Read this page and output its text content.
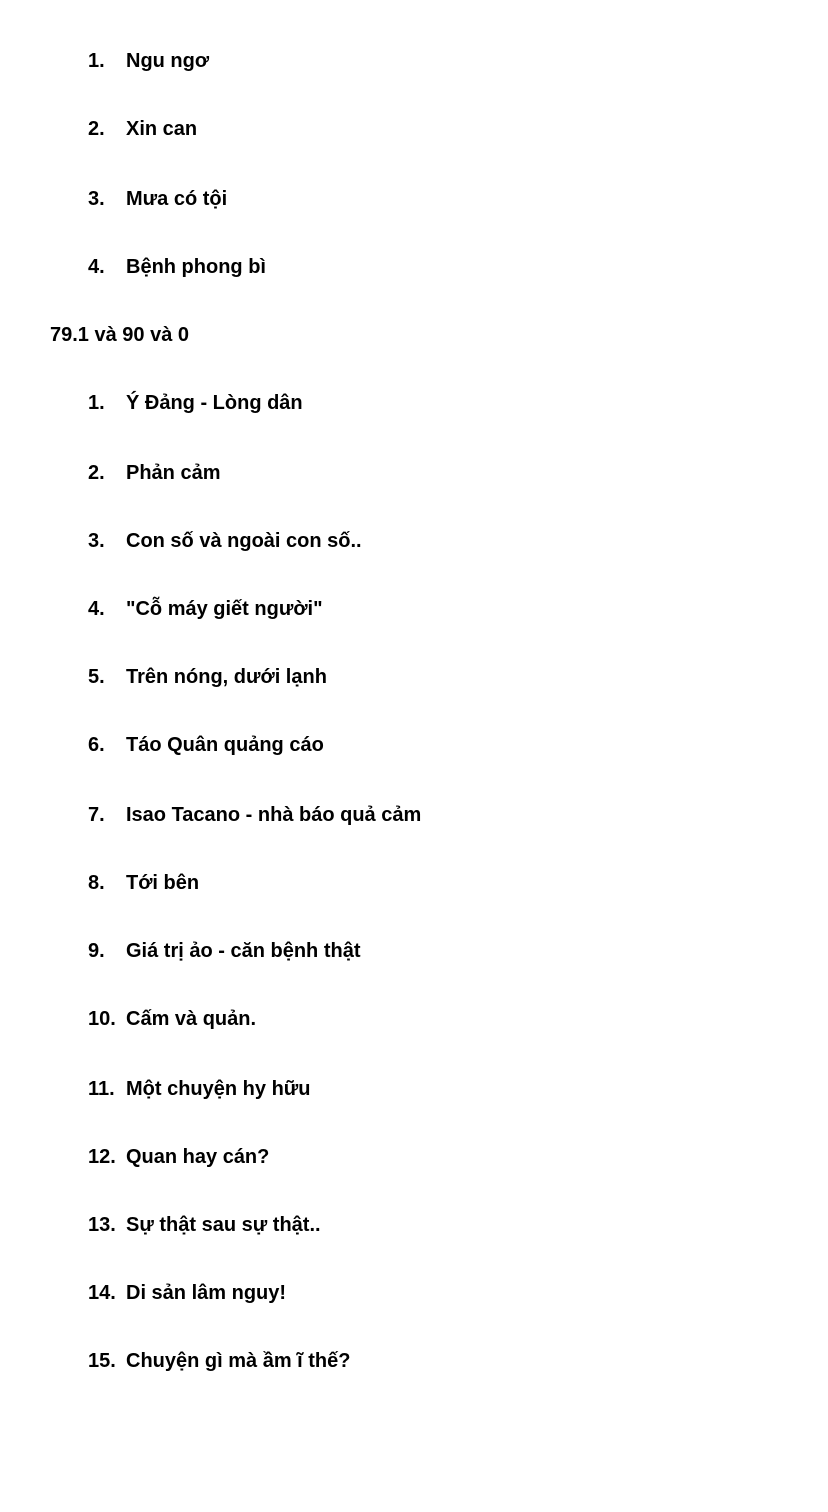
1. Ngu ngơ
2. Xin can
3. Mưa có tội
4. Bệnh phong bì
79.1 và 90 và 0
1. Ý Đảng - Lòng dân
2. Phản cảm
3. Con số và ngoài con số..
4. "Cỗ máy giết người"
5. Trên nóng, dưới lạnh
6. Táo Quân quảng cáo
7. Isao Tacano - nhà báo quả cảm
8. Tới bên
9. Giá trị ảo - căn bệnh thật
10. Cấm và quản.
11. Một chuyện hy hữu
12. Quan hay cán?
13. Sự thật sau sự thật..
14. Di sản lâm nguy!
15. Chuyện gì mà ầm ĩ thế?
